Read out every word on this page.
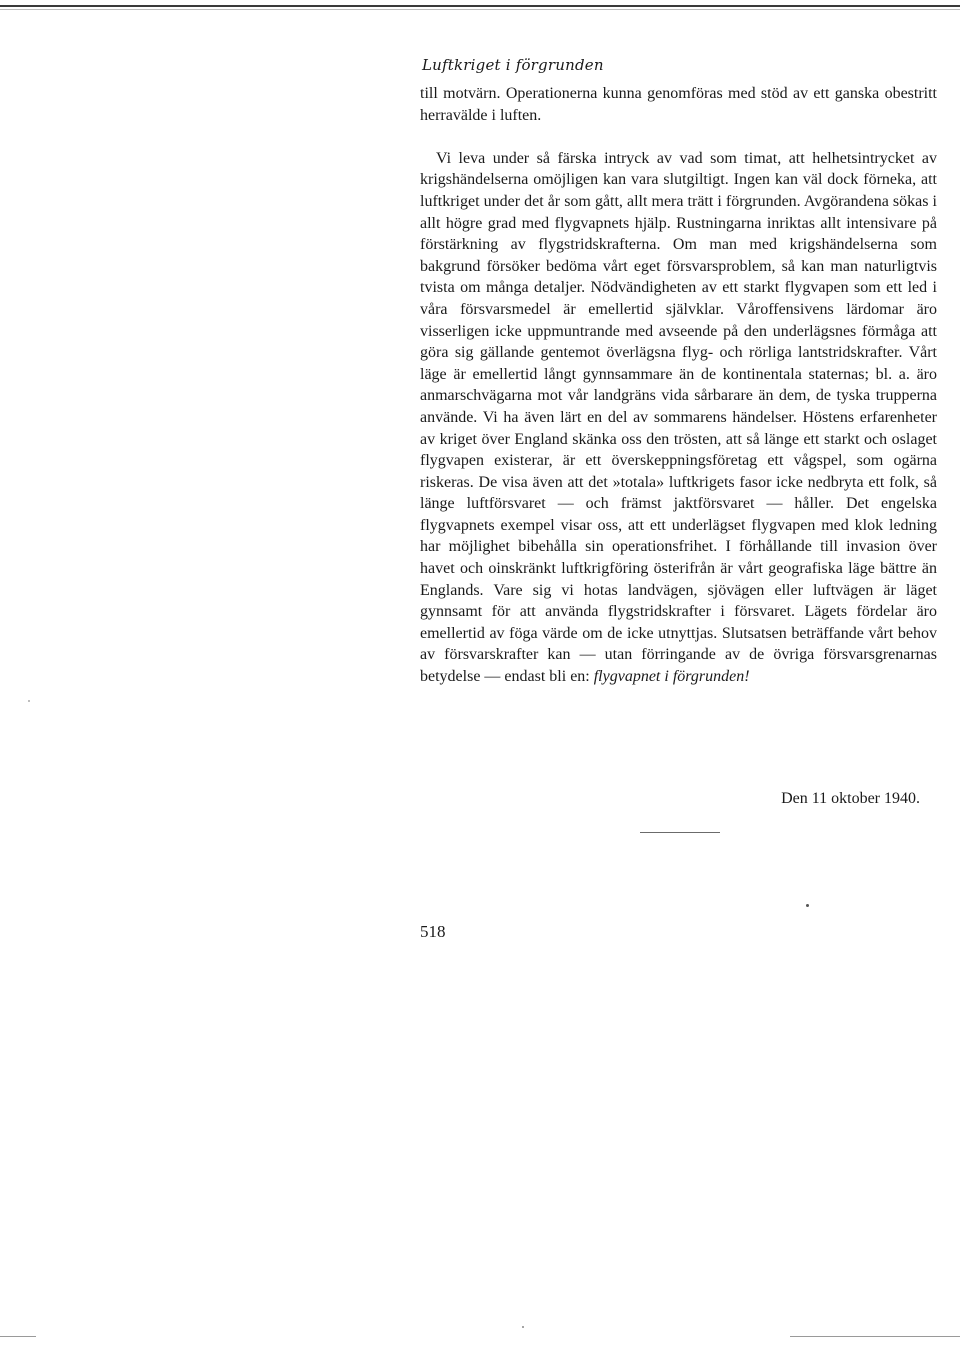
Luftkriget i förgrunden

till motvärn. Operationerna kunna genomföras med stöd av ett ganska obestritt herravälde i luften.

Vi leva under så färska intryck av vad som timat, att helhetsintrycket av krigshändelserna omöjligen kan vara slutgiltigt. Ingen kan väl dock förneka, att luftkriget under det år som gått, allt mera trätt i förgrunden. Avgörandena sökas i allt högre grad med flygvapnets hjälp. Rustningarna inriktas allt intensivare på förstärkning av flygstridskrafterna. Om man med krigshändelserna som bakgrund försöker bedöma vårt eget försvarsproblem, så kan man naturligtvis tvista om många detaljer. Nödvändigheten av ett starkt flygvapen som ett led i våra försvarsmedel är emellertid självklar. Våroffensivens lärdomar äro visserligen icke uppmuntrande med avseende på den underlägsnes förmåga att göra sig gällande gentemot överlägsna flyg- och rörliga lantstridskrafter. Vårt läge är emellertid långt gynnsammare än de kontinentala staternas; bl. a. äro anmarschvägarna mot vår landgräns vida sårbarare än dem, de tyska trupperna använde. Vi ha även lärt en del av sommarens händelser. Höstens erfarenheter av kriget över England skänka oss den trösten, att så länge ett starkt och oslaget flygvapen existerar, är ett överskeppningsföretag ett vågspel, som ogärna riskeras. De visa även att det »totala» luftkrigets fasor icke nedbryta ett folk, så länge luftförsvaret — och främst jaktförsvaret — håller. Det engelska flygvapnets exempel visar oss, att ett underlägset flygvapen med klok ledning har möjlighet bibehålla sin operationsfrihet. I förhållande till invasion över havet och oinskränkt luftkrigföring österifrån är vårt geografiska läge bättre än Englands. Vare sig vi hotas landvägen, sjövägen eller luftvägen är läget gynnsamt för att använda flygstridskrafter i försvaret. Lägets fördelar äro emellertid av föga värde om de icke utnyttjas. Slutsatsen beträffande vårt behov av försvarskrafter kan — utan förringande av de övriga försvarsgrenarnas betydelse — endast bli en: flygvapnet i förgrunden!

Den 11 oktober 1940.
518
